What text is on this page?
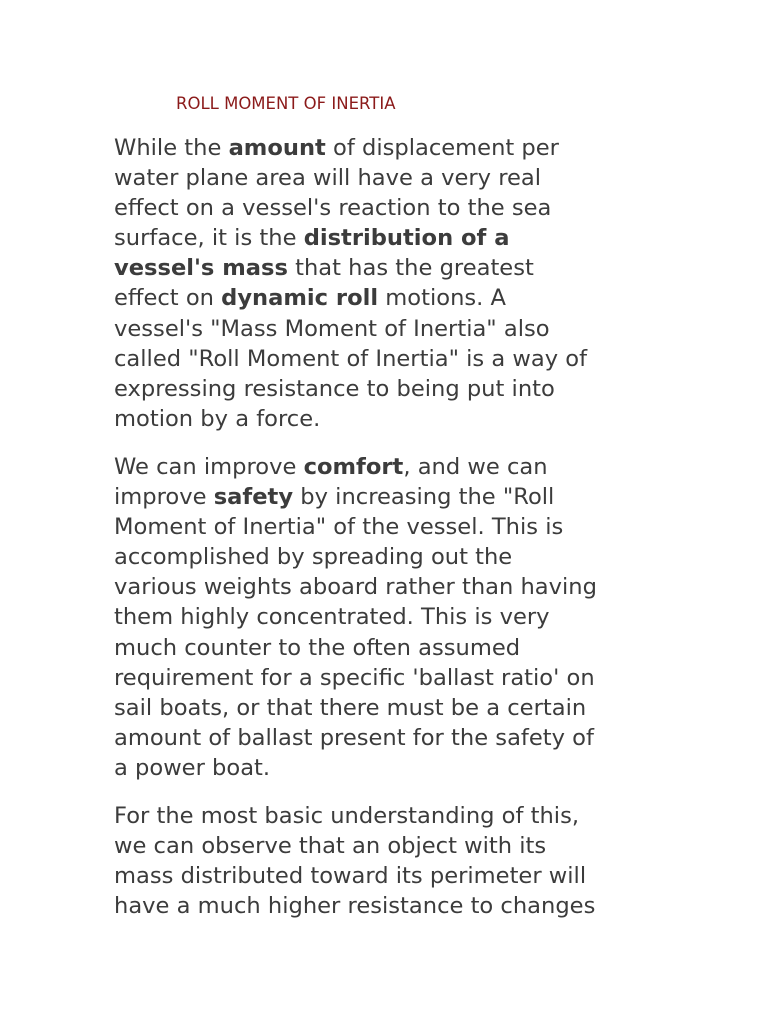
ROLL MOMENT OF INERTIA

While the amount of displacement per
water plane area will have a very real
effect on a vessel's reaction to the sea
surface, it is the distribution of a
vessel's mass that has the greatest
effect on dynamic roll motions. A
vessel's "Mass Moment of Inertia" also
called "Roll Moment of Inertia" is a way of
expressing resistance to being put into
motion by a force.

We can improve comfort, and we can
improve safety by increasing the "Roll
Moment of Inertia" of the vessel. This is
accomplished by spreading out the
various weights aboard rather than having
them highly concentrated. This is very
much counter to the often assumed
requirement for a specific 'ballast ratio' on
sail boats, or that there must be a certain
amount of ballast present for the safety of
a power boat.

For the most basic understanding of this,
we can observe that an object with its
mass distributed toward its perimeter will
have a much higher resistance to changes
